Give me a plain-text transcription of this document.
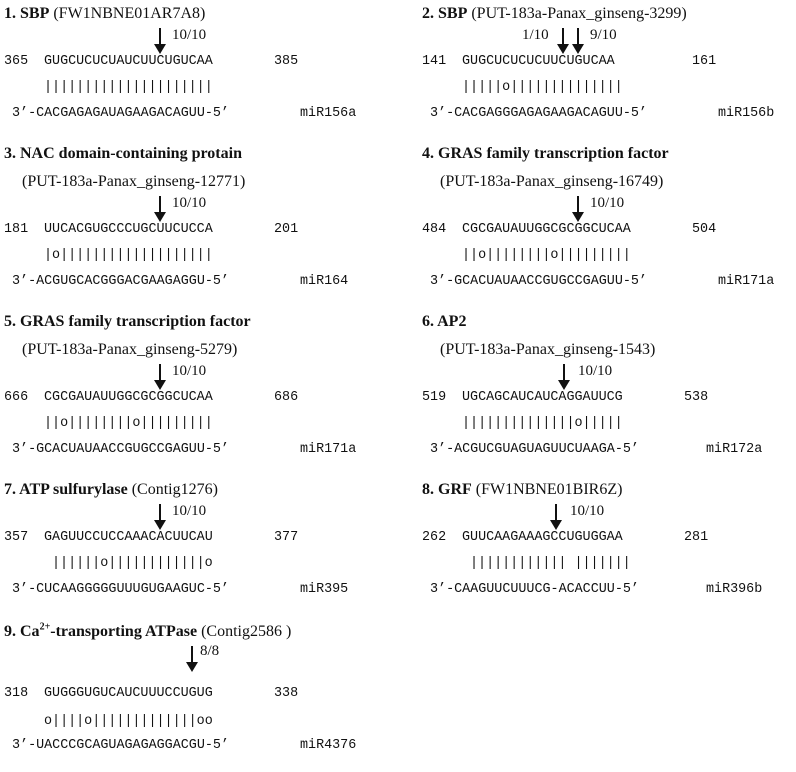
1. SBP (FW1NBNE01AR7A8)
10/10
365 GUGCUCUCUAUCUUCUGUCAA	385
|||||||||||||||||||||
3’-CACGAGAGAUAGAAGACAGUU-5’	miR156a
2. SBP (PUT-183a-Panax_ginseng-3299)
1/10	9/10
141 GUGCUCUCUCUUCUGUCAA	161
|||||o||||||||||||||
3’-CACGAGGGAGAGAAGACAGUU-5’	miR156b
3. NAC domain-containing protain
(PUT-183a-Panax_ginseng-12771)
10/10
181 UUCACGUGCCCUGCUUCUCCA	201
|o|||||||||||||||||||
3’-ACGUGCACGGGACGAAGAGGU-5’	miR164
4. GRAS family transcription factor
(PUT-183a-Panax_ginseng-16749)
10/10
484 CGCGAUAUUGGCGCGGCUCAA	504
||o||||||||o|||||||||
3’-GCACUAUAACCGUGCCGAGUU-5’	miR171a
5. GRAS family transcription factor
(PUT-183a-Panax_ginseng-5279)
10/10
666 CGCGAUAUUGGCGCGGCUCAA	686
||o||||||||o|||||||||
3’-GCACUAUAACCGUGCCGAGUU-5’	miR171a
6. AP2
(PUT-183a-Panax_ginseng-1543)
10/10
519 UGCAGCAUCAUCAGGAUUCG	538
||||||||||||||o|||||
3’-ACGUCGUAGUAGUUCUAAGA-5’	miR172a
7. ATP sulfurylase (Contig1276)
10/10
357 GAGUUCCUCCAAACACUUCAU	377
||||||o||||||||||||o
3’-CUCAAGGGGGUUUGUGAAGUC-5’	miR395
8. GRF (FW1NBNE01BIR6Z)
10/10
262 GUUCAAGAAAGCCUGUGGAA	281
|||||||||||| |||||||
3’-CAAGUUCUUUCG-ACACCUU-5’	miR396b
9. $Ca^{2+}$-transporting ATPase (Contig2586 )
8/8
318 GUGGGUGUCAUCUUUCCUGUG	338
o||||o|||||||||||||oo
3’-UACCCGCAGUAGAGAGGACGU-5’	miR4376
